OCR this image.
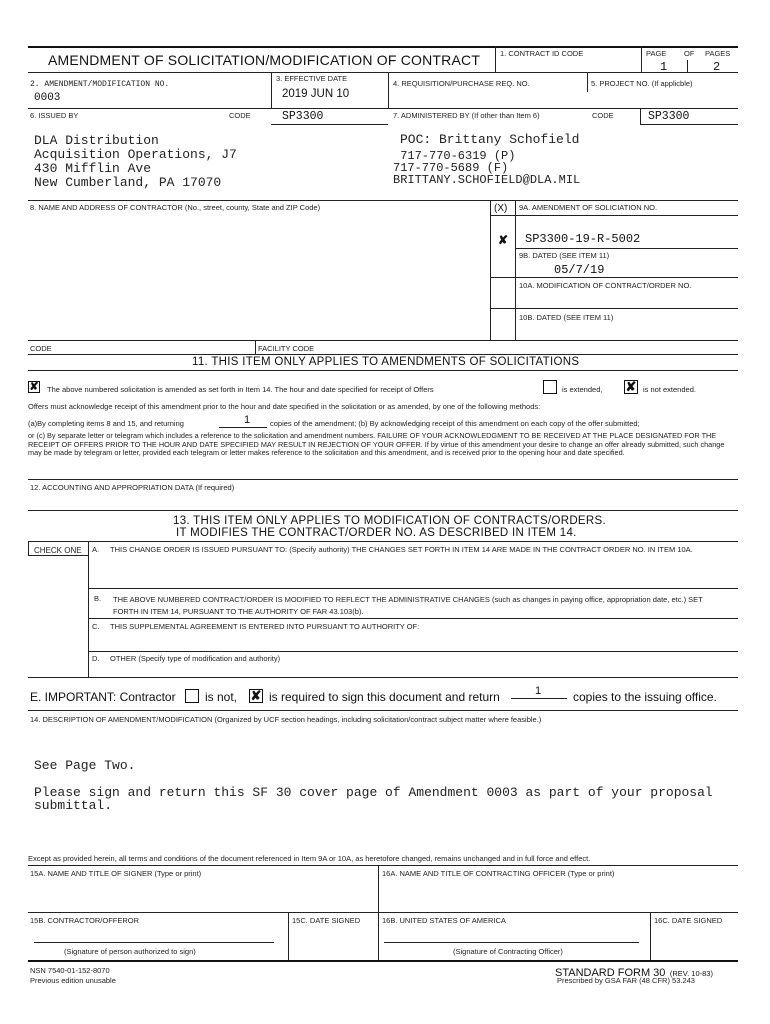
AMENDMENT OF SOLICITATION/MODIFICATION OF CONTRACT	1. CONTRACT ID CODE	PAGE OF PAGES
1	2
2. AMENDMENT/MODIFICATION NO.
0003
3. EFFECTIVE DATE
2019 JUN 10
4. REQUISITION/PURCHASE REQ. NO.	5. PROJECT NO. (If applicble)
6. ISSUED BY	CODE	SP3300	7. ADMINISTERED BY (If other than Item 6)	CODE	SP3300
DLA Distribution
Acquisition Operations, J7
430 Mifflin Ave
New Cumberland, PA 17070
POC: Brittany Schofield
717-770-6319 (P)
717-770-5689 (F)
BRITTANY.SCHOFIELD@DLA.MIL
8. NAME AND ADDRESS OF CONTRACTOR (No., street, county, State and ZIP Code)	(X) 9A. AMENDMENT OF SOLICIATION NO.
✘ SP3300-19-R-5002
9B. DATED (SEE ITEM 11)
05/7/19
10A. MODIFICATION OF CONTRACT/ORDER NO.
10B. DATED (SEE ITEM 11)
CODE	FACILITY CODE
11. THIS ITEM ONLY APPLIES TO AMENDMENTS OF SOLICITATIONS
✘ The above numbered solicitation is amended as set forth in Item 14. The hour and date specified for receipt of Offers	is extended, ✘ is not extended.
Offers must acknowledge receipt of this amendment prior to the hour and date specified in the solicitation or as amended, by one of the following methods:
(a)By completing items 8 and 15, and returning	1	copies of the amendment; (b) By acknowledging receipt of this amendment on each copy of the offer submitted;
or (c) By separate letter or telegram which includes a reference to the solicitation and amendment numbers. FAILURE OF YOUR ACKNOWLEDGMENT TO BE RECEIVED AT THE PLACE DESIGNATED FOR THE RECEIPT OF OFFERS PRIOR TO THE HOUR AND DATE SPECIFIED MAY RESULT IN REJECTION OF YOUR OFFER. If by virtue of this amendment your desire to change an offer already submitted, such change may be made by telegram or letter, provided each telegram or letter makes reference to the solicitation and this amendment, and is received prior to the opening hour and date specified.
12. ACCOUNTING AND APPROPRIATION DATA (If required)
13. THIS ITEM ONLY APPLIES TO MODIFICATION OF CONTRACTS/ORDERS.
IT MODIFIES THE CONTRACT/ORDER NO. AS DESCRIBED IN ITEM 14.
CHECK ONE A. THIS CHANGE ORDER IS ISSUED PURSUANT TO: (Specify authority) THE CHANGES SET FORTH IN ITEM 14 ARE MADE IN THE CONTRACT ORDER NO. IN ITEM 10A.
B. THE ABOVE NUMBERED CONTRACT/ORDER IS MODIFIED TO REFLECT THE ADMINISTRATIVE CHANGES (such as changes in paying office, appropriation date, etc.) SET FORTH IN ITEM 14, PURSUANT TO THE AUTHORITY OF FAR 43.103(b).
C. THIS SUPPLEMENTAL AGREEMENT IS ENTERED INTO PURSUANT TO AUTHORITY OF:
D. OTHER (Specify type of modification and authority)
E. IMPORTANT: Contractor is not, ✘ is required to sign this document and return	1	copies to the issuing office.
14. DESCRIPTION OF AMENDMENT/MODIFICATION (Organized by UCF section headings, including solicitation/contract subject matter where feasible.)
See Page Two.
Please sign and return this SF 30 cover page of Amendment 0003 as part of your proposal
submittal.
Except as provided herein, all terms and conditions of the document referenced in Item 9A or 10A, as heretofore changed, remains unchanged and in full force and effect.
15A. NAME AND TITLE OF SIGNER (Type or print)	16A. NAME AND TITLE OF CONTRACTING OFFICER (Type or print)
15B. CONTRACTOR/OFFEROR	15C. DATE SIGNED	16B. UNITED STATES OF AMERICA	16C. DATE SIGNED
(Signature of person authorized to sign)	(Signature of Contracting Officer)
NSN 7540-01-152-8070
Previous edition unusable
STANDARD FORM 30 (REV. 10-83)
Prescribed by GSA FAR (48 CFR) 53.243
